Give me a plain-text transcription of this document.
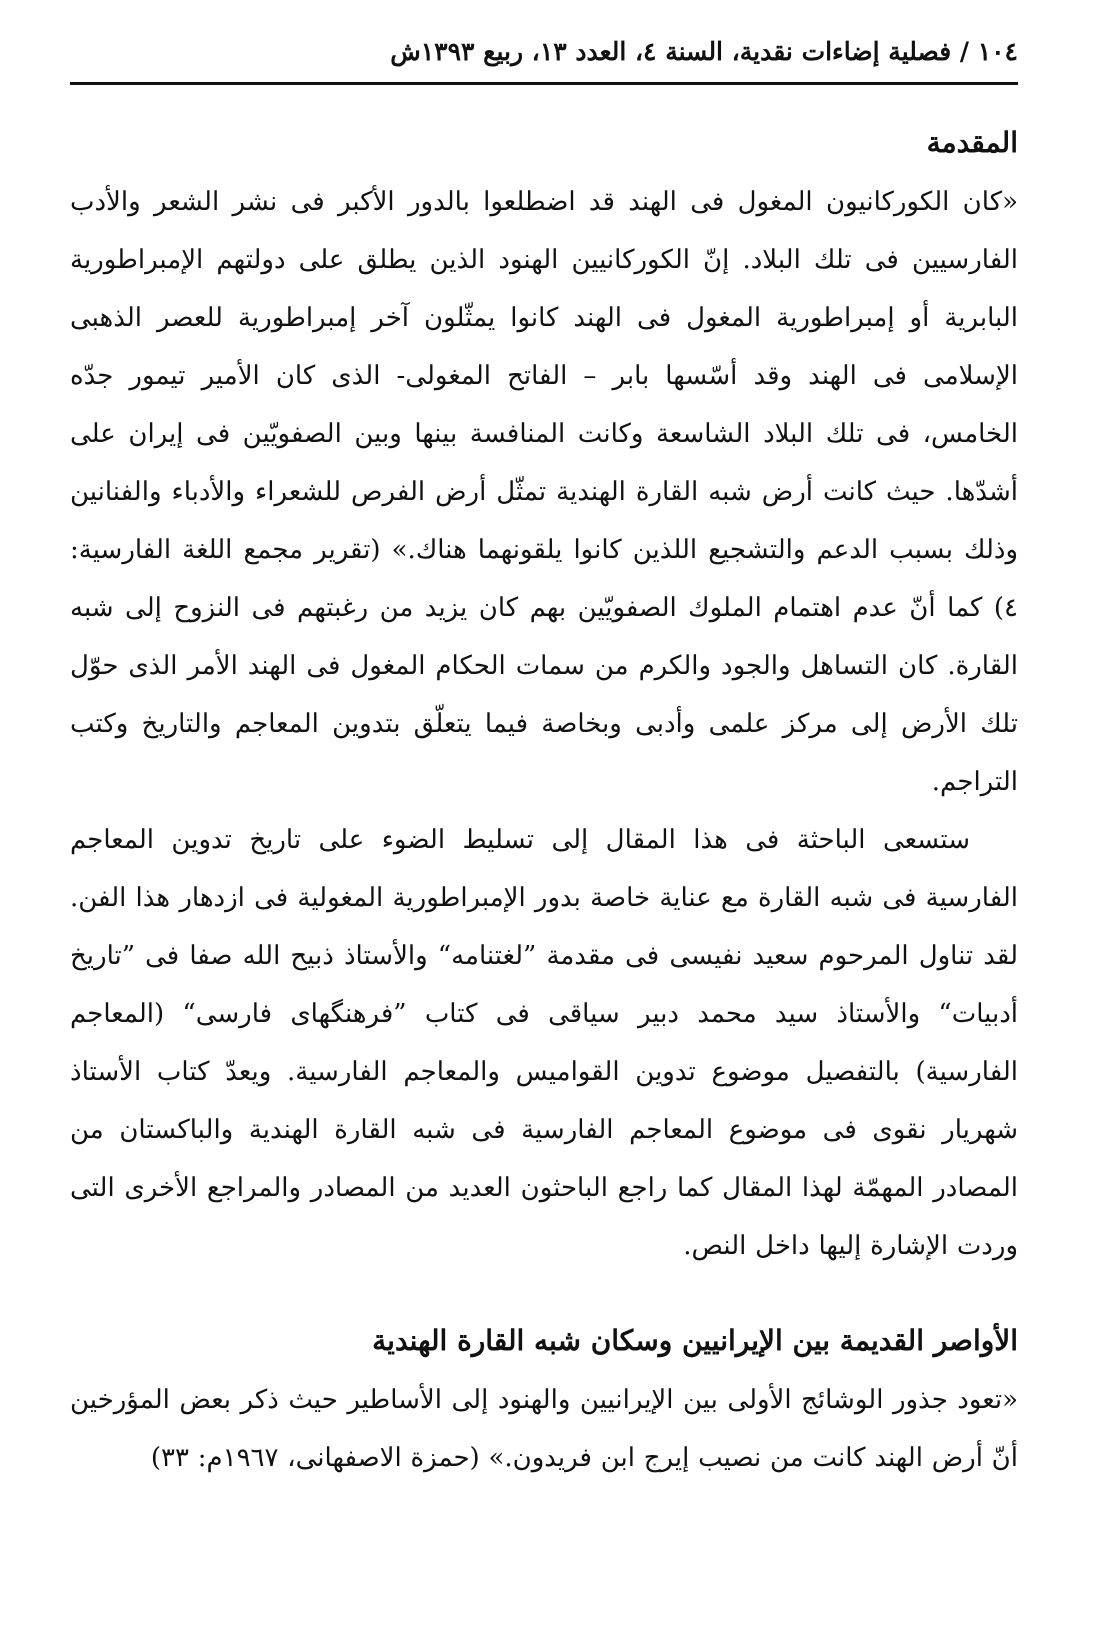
١٠٤ / فصلية إضاءات نقدية، السنة ٤، العدد ١٣، ربيع ١٣٩٣ش
المقدمة

«كان الكوركانيون المغول فى الهند قد اضطلعوا بالدور الأكبر فى نشر الشعر والأدب الفارسيين فى تلك البلاد. إنّ الكوركانيين الهنود الذين يطلق على دولتهم الإمبراطورية البابرية أو إمبراطورية المغول فى الهند كانوا يمثّلون آخر إمبراطورية للعصر الذهبى الإسلامى فى الهند وقد أسّسها بابر – الفاتح المغولى- الذى كان الأمير تيمور جدّه الخامس، فى تلك البلاد الشاسعة وكانت المنافسة بينها وبين الصفويّين فى إيران على أشدّها. حيث كانت أرض شبه القارة الهندية تمثّل أرض الفرص للشعراء والأدباء والفنانين وذلك بسبب الدعم والتشجيع اللذين كانوا يلقونهما هناك.» (تقرير مجمع اللغة الفارسية: ٤) كما أنّ عدم اهتمام الملوك الصفويّين بهم كان يزيد من رغبتهم فى النزوح إلى شبه القارة. كان التساهل والجود والكرم من سمات الحكام المغول فى الهند الأمر الذى حوّل تلك الأرض إلى مركز علمى وأدبى وبخاصة فيما يتعلّق بتدوين المعاجم والتاريخ وكتب التراجم.

ستسعى الباحثة فى هذا المقال إلى تسليط الضوء على تاريخ تدوين المعاجم الفارسية فى شبه القارة مع عناية خاصة بدور الإمبراطورية المغولية فى ازدهار هذا الفن. لقد تناول المرحوم سعيد نفيسى فى مقدمة ”لغتنامه“ والأستاذ ذبيح الله صفا فى ”تاريخ أدبيات“ والأستاذ سيد محمد دبير سياقى فى كتاب ”فرهنگهاى فارسى“ (المعاجم الفارسية) بالتفصيل موضوع تدوين القواميس والمعاجم الفارسية. ويعدّ كتاب الأستاذ شهريار نقوى فى موضوع المعاجم الفارسية فى شبه القارة الهندية والباكستان من المصادر المهمّة لهذا المقال كما راجع الباحثون العديد من المصادر والمراجع الأخرى التى وردت الإشارة إليها داخل النص.

الأواصر القديمة بين الإيرانيين وسكان شبه القارة الهندية

«تعود جذور الوشائج الأولى بين الإيرانيين والهنود إلى الأساطير حيث ذكر بعض المؤرخين أنّ أرض الهند كانت من نصيب إيرج ابن فريدون.» (حمزة الاصفهانى، ١٩٦٧م: ٣٣)
